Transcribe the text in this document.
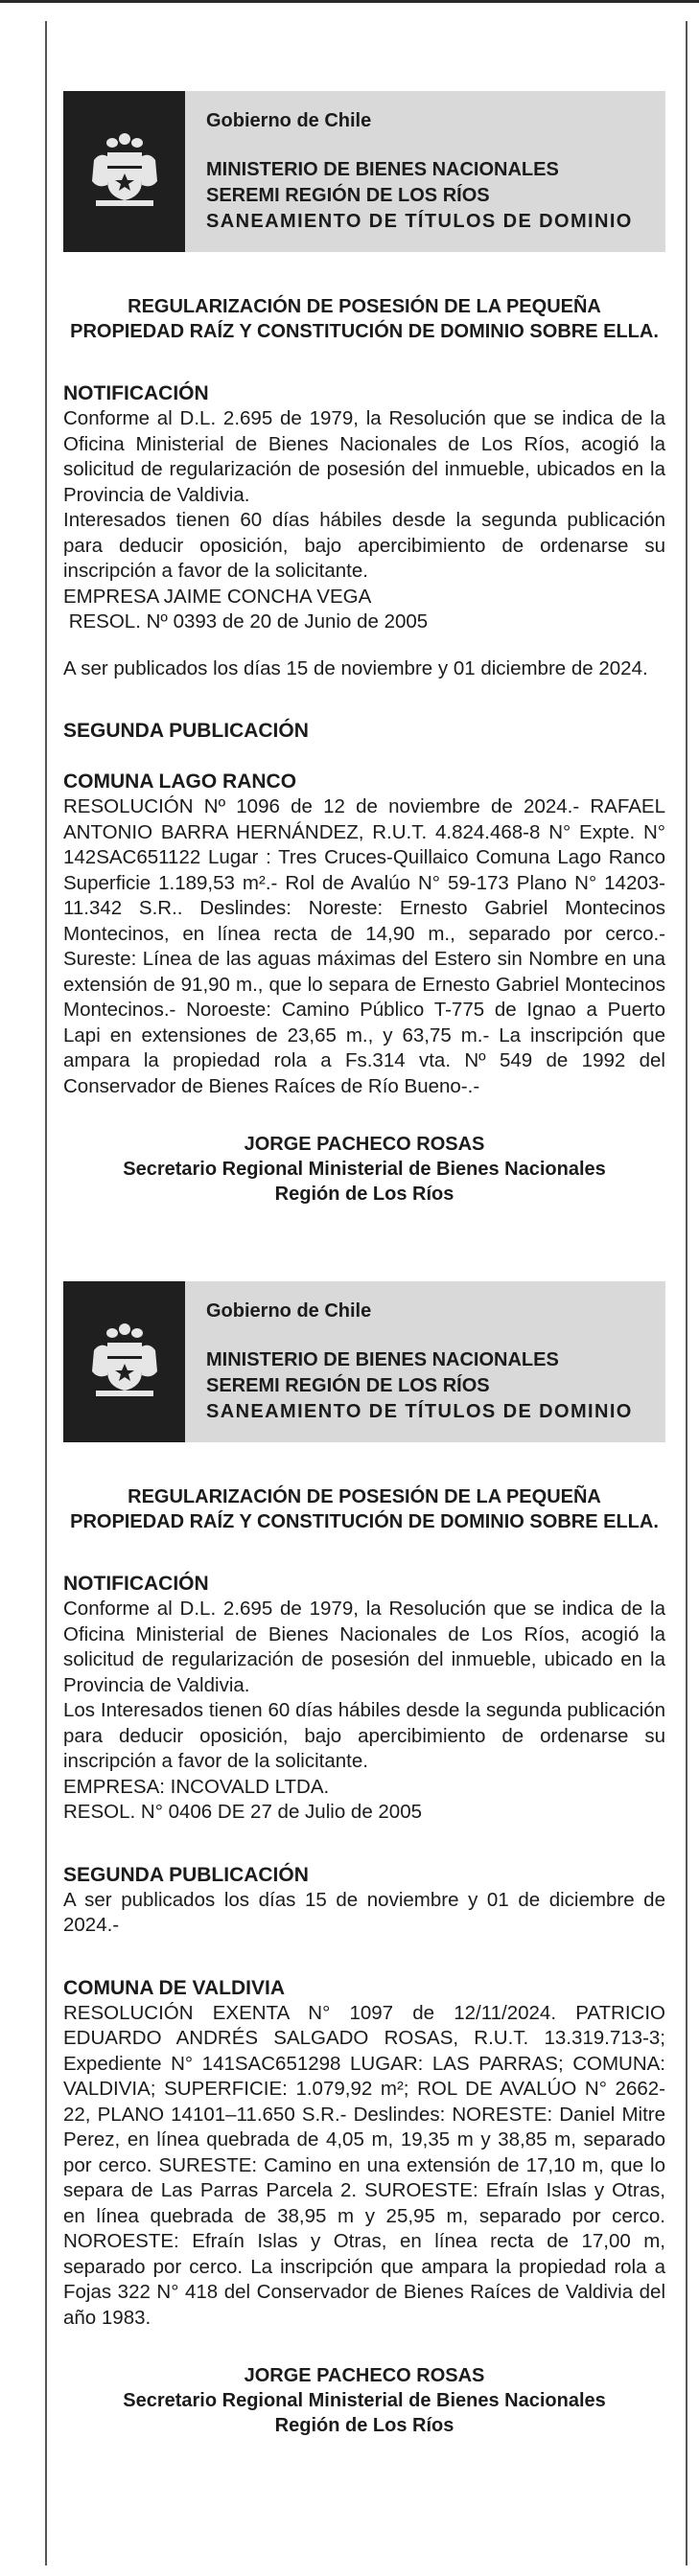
Gobierno de Chile
MINISTERIO DE BIENES NACIONALES
SEREMI REGIÓN DE LOS RÍOS
SANEAMIENTO DE TÍTULOS DE DOMINIO
REGULARIZACIÓN DE POSESIÓN DE LA PEQUEÑA
PROPIEDAD RAÍZ Y CONSTITUCIÓN DE DOMINIO SOBRE ELLA.
NOTIFICACIÓN
Conforme al D.L. 2.695 de 1979, la Resolución que se indica de la Oficina Ministerial de Bienes Nacionales de Los Ríos, acogió la solicitud de regularización de posesión del inmueble, ubicados en la Provincia de Valdivia.
Interesados tienen 60 días hábiles desde la segunda publicación para deducir oposición, bajo apercibimiento de ordenarse su inscripción a favor de la solicitante.
EMPRESA JAIME CONCHA VEGA
RESOL. Nº 0393 de 20 de Junio de 2005
A ser publicados los días 15 de noviembre y 01 diciembre de 2024.
SEGUNDA PUBLICACIÓN
COMUNA LAGO RANCO
RESOLUCIÓN Nº 1096 de 12 de noviembre de 2024.- RAFAEL ANTONIO BARRA HERNÁNDEZ, R.U.T. 4.824.468-8 N° Expte. N° 142SAC651122 Lugar : Tres Cruces-Quillaico Comuna Lago Ranco Superficie 1.189,53 m².- Rol de Avalúo N° 59-173 Plano N° 14203-11.342 S.R.. Deslindes: Noreste: Ernesto Gabriel Montecinos Montecinos, en línea recta de 14,90 m., separado por cerco.- Sureste: Línea de las aguas máximas del Estero sin Nombre en una extensión de 91,90 m., que lo separa de Ernesto Gabriel Montecinos Montecinos.- Noroeste: Camino Público T-775 de Ignao a Puerto Lapi en extensiones de 23,65 m., y 63,75 m.- La inscripción que ampara la propiedad rola a Fs.314 vta. Nº 549 de 1992 del Conservador de Bienes Raíces de Río Bueno-.-
JORGE PACHECO ROSAS
Secretario Regional Ministerial de Bienes Nacionales
Región de Los Ríos
Gobierno de Chile
MINISTERIO DE BIENES NACIONALES
SEREMI REGIÓN DE LOS RÍOS
SANEAMIENTO DE TÍTULOS DE DOMINIO
REGULARIZACIÓN DE POSESIÓN DE LA PEQUEÑA
PROPIEDAD RAÍZ Y CONSTITUCIÓN DE DOMINIO SOBRE ELLA.
NOTIFICACIÓN
Conforme al D.L. 2.695 de 1979, la Resolución que se indica de la Oficina Ministerial de Bienes Nacionales de Los Ríos, acogió la solicitud de regularización de posesión del inmueble, ubicado en la Provincia de Valdivia.
Los Interesados tienen 60 días hábiles desde la segunda publicación para deducir oposición, bajo apercibimiento de ordenarse su inscripción a favor de la solicitante.
EMPRESA: INCOVALD LTDA.
RESOL. N° 0406 DE 27 de Julio de 2005
SEGUNDA PUBLICACIÓN
A ser publicados los días 15 de noviembre y 01 de diciembre de 2024.-
COMUNA DE VALDIVIA
RESOLUCIÓN EXENTA N° 1097 de 12/11/2024. PATRICIO EDUARDO ANDRÉS SALGADO ROSAS, R.U.T. 13.319.713-3; Expediente N° 141SAC651298 LUGAR: LAS PARRAS; COMUNA: VALDIVIA; SUPERFICIE: 1.079,92 m²; ROL DE AVALÚO N° 2662-22, PLANO 14101–11.650 S.R.- Deslindes: NORESTE: Daniel Mitre Perez, en línea quebrada de 4,05 m, 19,35 m y 38,85 m, separado por cerco. SURESTE: Camino en una extensión de 17,10 m, que lo separa de Las Parras Parcela 2. SUROESTE: Efraín Islas y Otras, en línea quebrada de 38,95 m y 25,95 m, separado por cerco. NOROESTE: Efraín Islas y Otras, en línea recta de 17,00 m, separado por cerco. La inscripción que ampara la propiedad rola a Fojas 322 N° 418 del Conservador de Bienes Raíces de Valdivia del año 1983.
JORGE PACHECO ROSAS
Secretario Regional Ministerial de Bienes Nacionales
Región de Los Ríos
